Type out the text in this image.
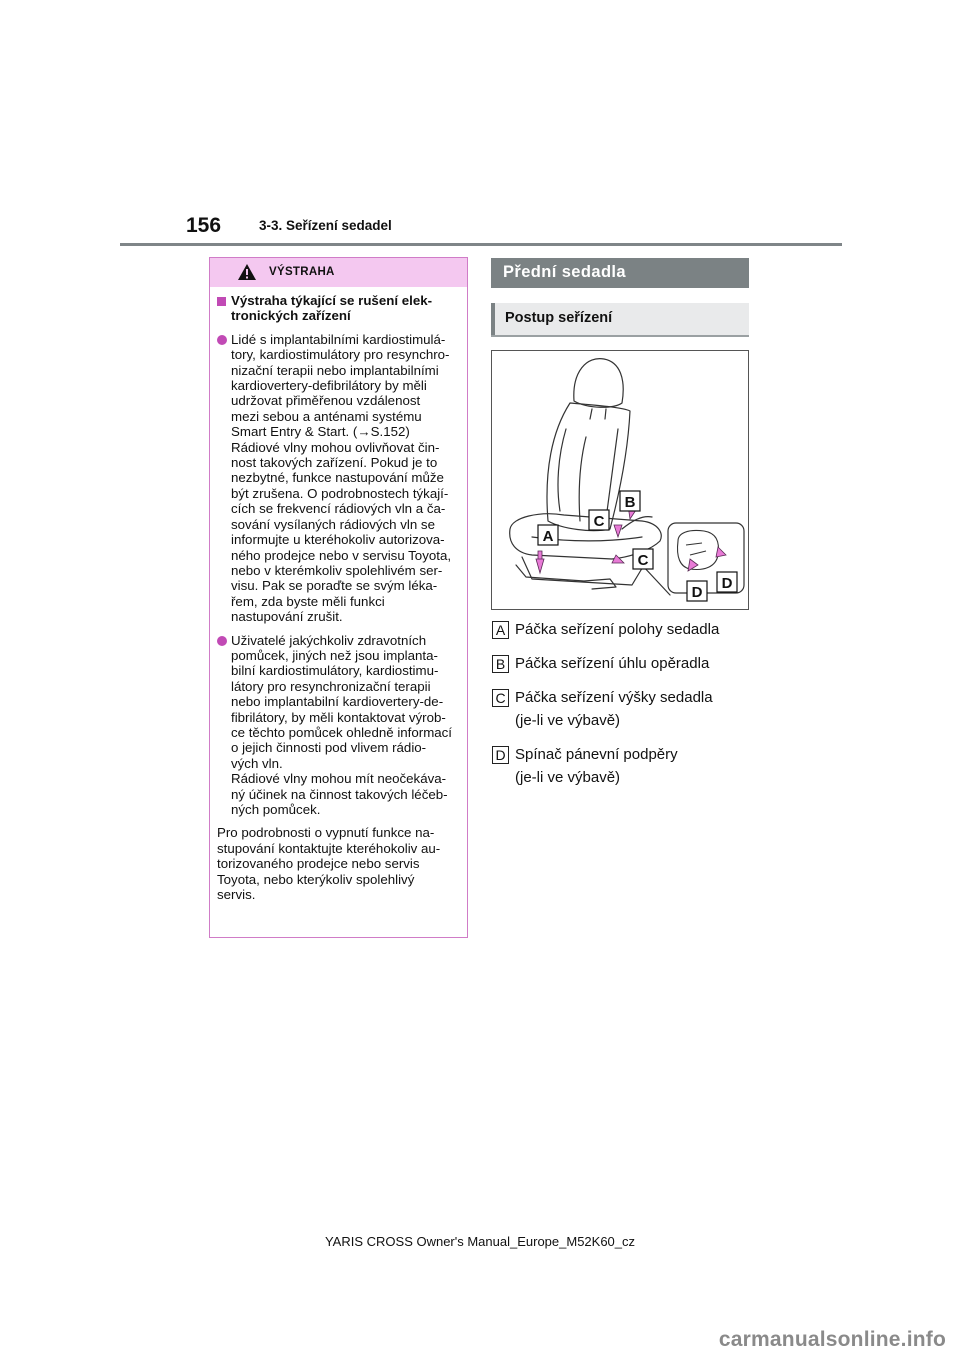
156	3-3. Seřízení sedadel
VÝSTRAHA
Výstraha týkající se rušení elek-
tronických zařízení
Lidé s implantabilními kardiostimulá-
tory, kardiostimulátory pro resynchro-
nizační terapii nebo implantabilními
kardiovertery-defibrilátory by měli
udržovat přiměřenou vzdálenost
mezi sebou a anténami systému
Smart Entry & Start. (→S.152)
Rádiové vlny mohou ovlivňovat čin-
nost takových zařízení. Pokud je to
nezbytné, funkce nastupování může
být zrušena. O podrobnostech týkají-
cích se frekvencí rádiových vln a ča-
sování vysílaných rádiových vln se
informujte u kteréhokoliv autorizova-
ného prodejce nebo v servisu Toyota,
nebo v kterémkoliv spolehlivém ser-
visu. Pak se poraďte se svým léka-
řem, zda byste měli funkci
nastupování zrušit.
Uživatelé jakýchkoliv zdravotních
pomůcek, jiných než jsou implanta-
bilní kardiostimulátory, kardiostimu-
látory pro resynchronizační terapii
nebo implantabilní kardiovertery-de-
fibrilátory, by měli kontaktovat výrob-
ce těchto pomůcek ohledně informací
o jejich činnosti pod vlivem rádio-
vých vln.
Rádiové vlny mohou mít neočekáva-
ný účinek na činnost takových léčeb-
ných pomůcek.
Pro podrobnosti o vypnutí funkce na-
stupování kontaktujte kteréhokoliv au-
torizovaného prodejce nebo servis
Toyota, nebo kterýkoliv spolehlivý
servis.
Přední sedadla
Postup seřízení
A
B
C
C
D
D
A Páčka seřízení polohy sedadla
B Páčka seřízení úhlu opěradla
C Páčka seřízení výšky sedadla
(je-li ve výbavě)
D Spínač pánevní podpěry
(je-li ve výbavě)
YARIS CROSS Owner's Manual_Europe_M52K60_cz
carmanualsonline.info
